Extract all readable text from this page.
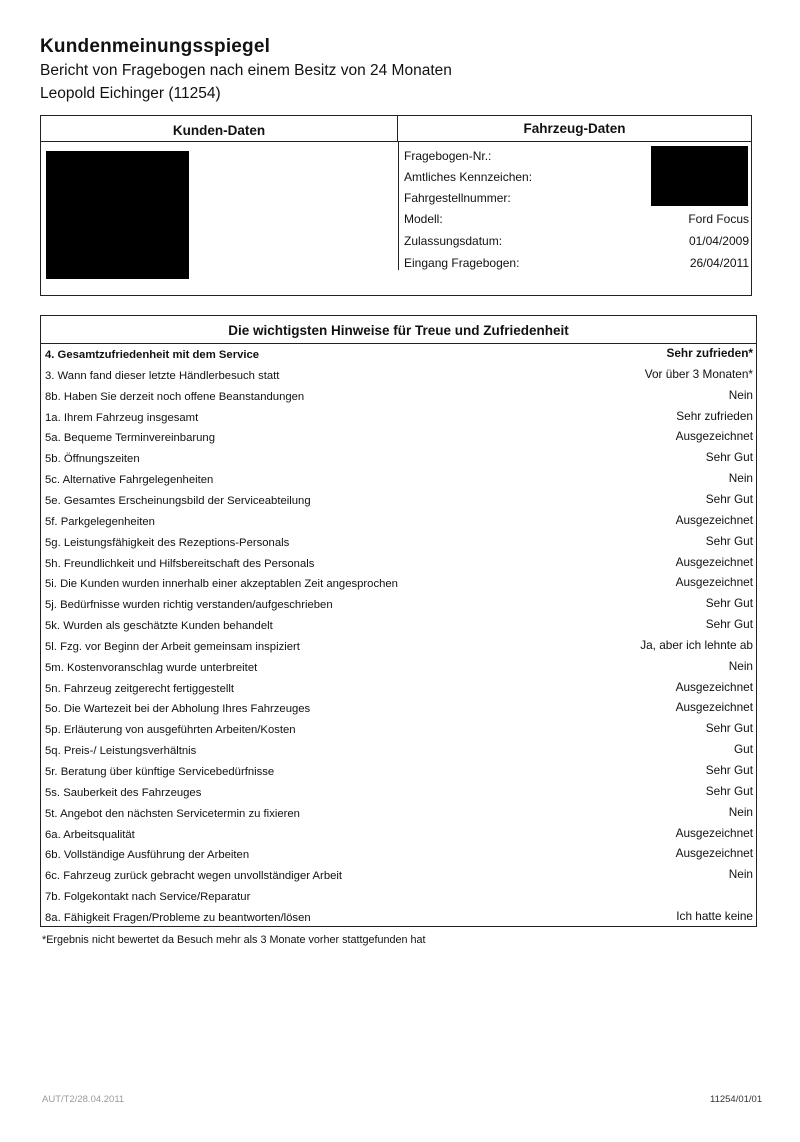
Kundenmeinungsspiegel
Bericht von Fragebogen nach einem Besitz von 24 Monaten
Leopold Eichinger (11254)
Kunden-Daten	Fahrzeug-Daten
Fragebogen-Nr.:
Amtliches Kennzeichen:
Fahrgestellnummer:
Modell:	Ford Focus
Zulassungsdatum:	01/04/2009
Eingang Fragebogen:	26/04/2011
Die wichtigsten Hinweise für Treue und Zufriedenheit
4. Gesamtzufriedenheit mit dem Service	Sehr zufrieden*
3. Wann fand dieser letzte Händlerbesuch statt	Vor über 3 Monaten*
8b. Haben Sie derzeit noch offene Beanstandungen	Nein
1a. Ihrem Fahrzeug insgesamt	Sehr zufrieden
5a. Bequeme Terminvereinbarung	Ausgezeichnet
5b. Öffnungszeiten	Sehr Gut
5c. Alternative Fahrgelegenheiten	Nein
5e. Gesamtes Erscheinungsbild der Serviceabteilung	Sehr Gut
5f. Parkgelegenheiten	Ausgezeichnet
5g. Leistungsfähigkeit des Rezeptions-Personals	Sehr Gut
5h. Freundlichkeit und Hilfsbereitschaft des Personals	Ausgezeichnet
5i. Die Kunden wurden innerhalb einer akzeptablen Zeit angesprochen	Ausgezeichnet
5j. Bedürfnisse wurden richtig verstanden/aufgeschrieben	Sehr Gut
5k. Wurden als geschätzte Kunden behandelt	Sehr Gut
5l. Fzg. vor Beginn der Arbeit gemeinsam inspiziert	Ja, aber ich lehnte ab
5m. Kostenvoranschlag wurde unterbreitet	Nein
5n. Fahrzeug zeitgerecht fertiggestellt	Ausgezeichnet
5o. Die Wartezeit bei der Abholung Ihres Fahrzeuges	Ausgezeichnet
5p. Erläuterung von ausgeführten Arbeiten/Kosten	Sehr Gut
5q. Preis-/ Leistungsverhältnis	Gut
5r. Beratung über künftige Servicebedürfnisse	Sehr Gut
5s. Sauberkeit des Fahrzeuges	Sehr Gut
5t. Angebot den nächsten Servicetermin zu fixieren	Nein
6a. Arbeitsqualität	Ausgezeichnet
6b. Vollständige Ausführung der Arbeiten	Ausgezeichnet
6c. Fahrzeug zurück gebracht wegen unvollständiger Arbeit	Nein
7b. Folgekontakt nach Service/Reparatur
8a. Fähigkeit Fragen/Probleme zu beantworten/lösen	Ich hatte keine
*Ergebnis nicht bewertet da Besuch mehr als 3 Monate vorher stattgefunden hat
AUT/T2/28.04.2011	11254/01/01
